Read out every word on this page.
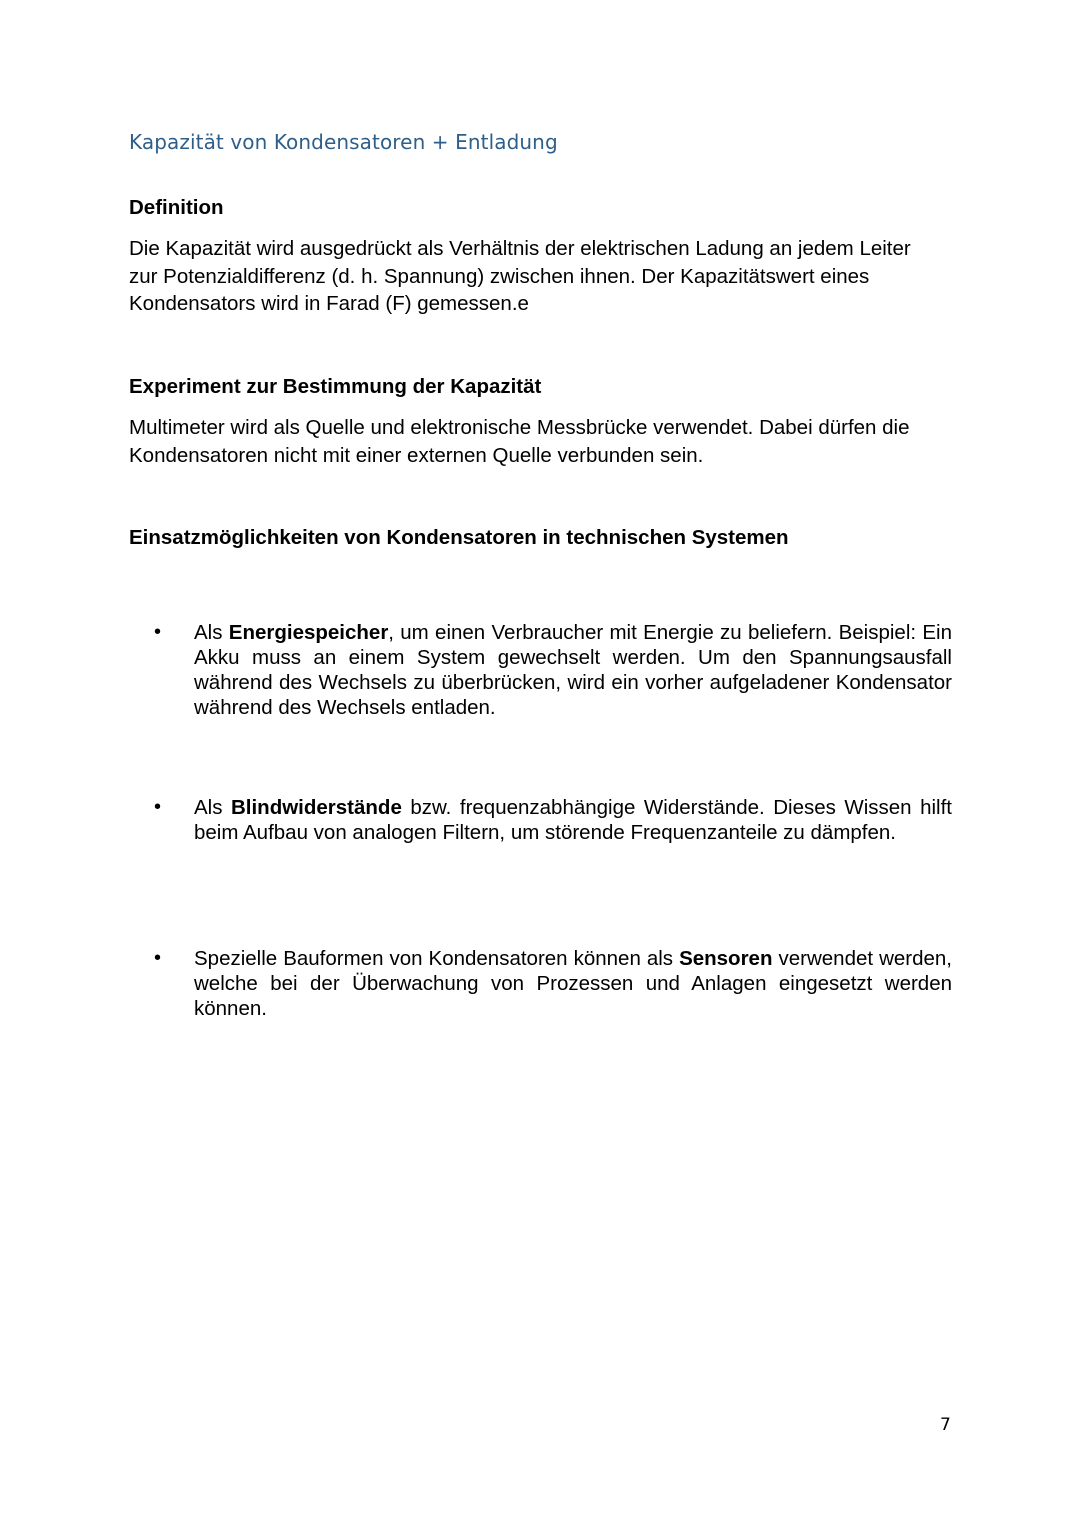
Kapazität von Kondensatoren + Entladung
Definition
Die Kapazität wird ausgedrückt als Verhältnis der elektrischen Ladung an jedem Leiter zur Potenzialdifferenz (d. h. Spannung) zwischen ihnen. Der Kapazitätswert eines Kondensators wird in Farad (F) gemessen.e
Experiment zur Bestimmung der Kapazität
Multimeter wird als Quelle und elektronische Messbrücke verwendet. Dabei dürfen die Kondensatoren nicht mit einer externen Quelle verbunden sein.
Einsatzmöglichkeiten von Kondensatoren in technischen Systemen
• Als Energiespeicher, um einen Verbraucher mit Energie zu beliefern. Beispiel: Ein Akku muss an einem System gewechselt werden. Um den Spannungsausfall während des Wechsels zu überbrücken, wird ein vorher aufgeladener Kondensator während des Wechsels entladen.
• Als Blindwiderstände bzw. frequenzabhängige Widerstände. Dieses Wissen hilft beim Aufbau von analogen Filtern, um störende Frequenzanteile zu dämpfen.
• Spezielle Bauformen von Kondensatoren können als Sensoren verwendet werden, welche bei der Überwachung von Prozessen und Anlagen eingesetzt werden können.
7
